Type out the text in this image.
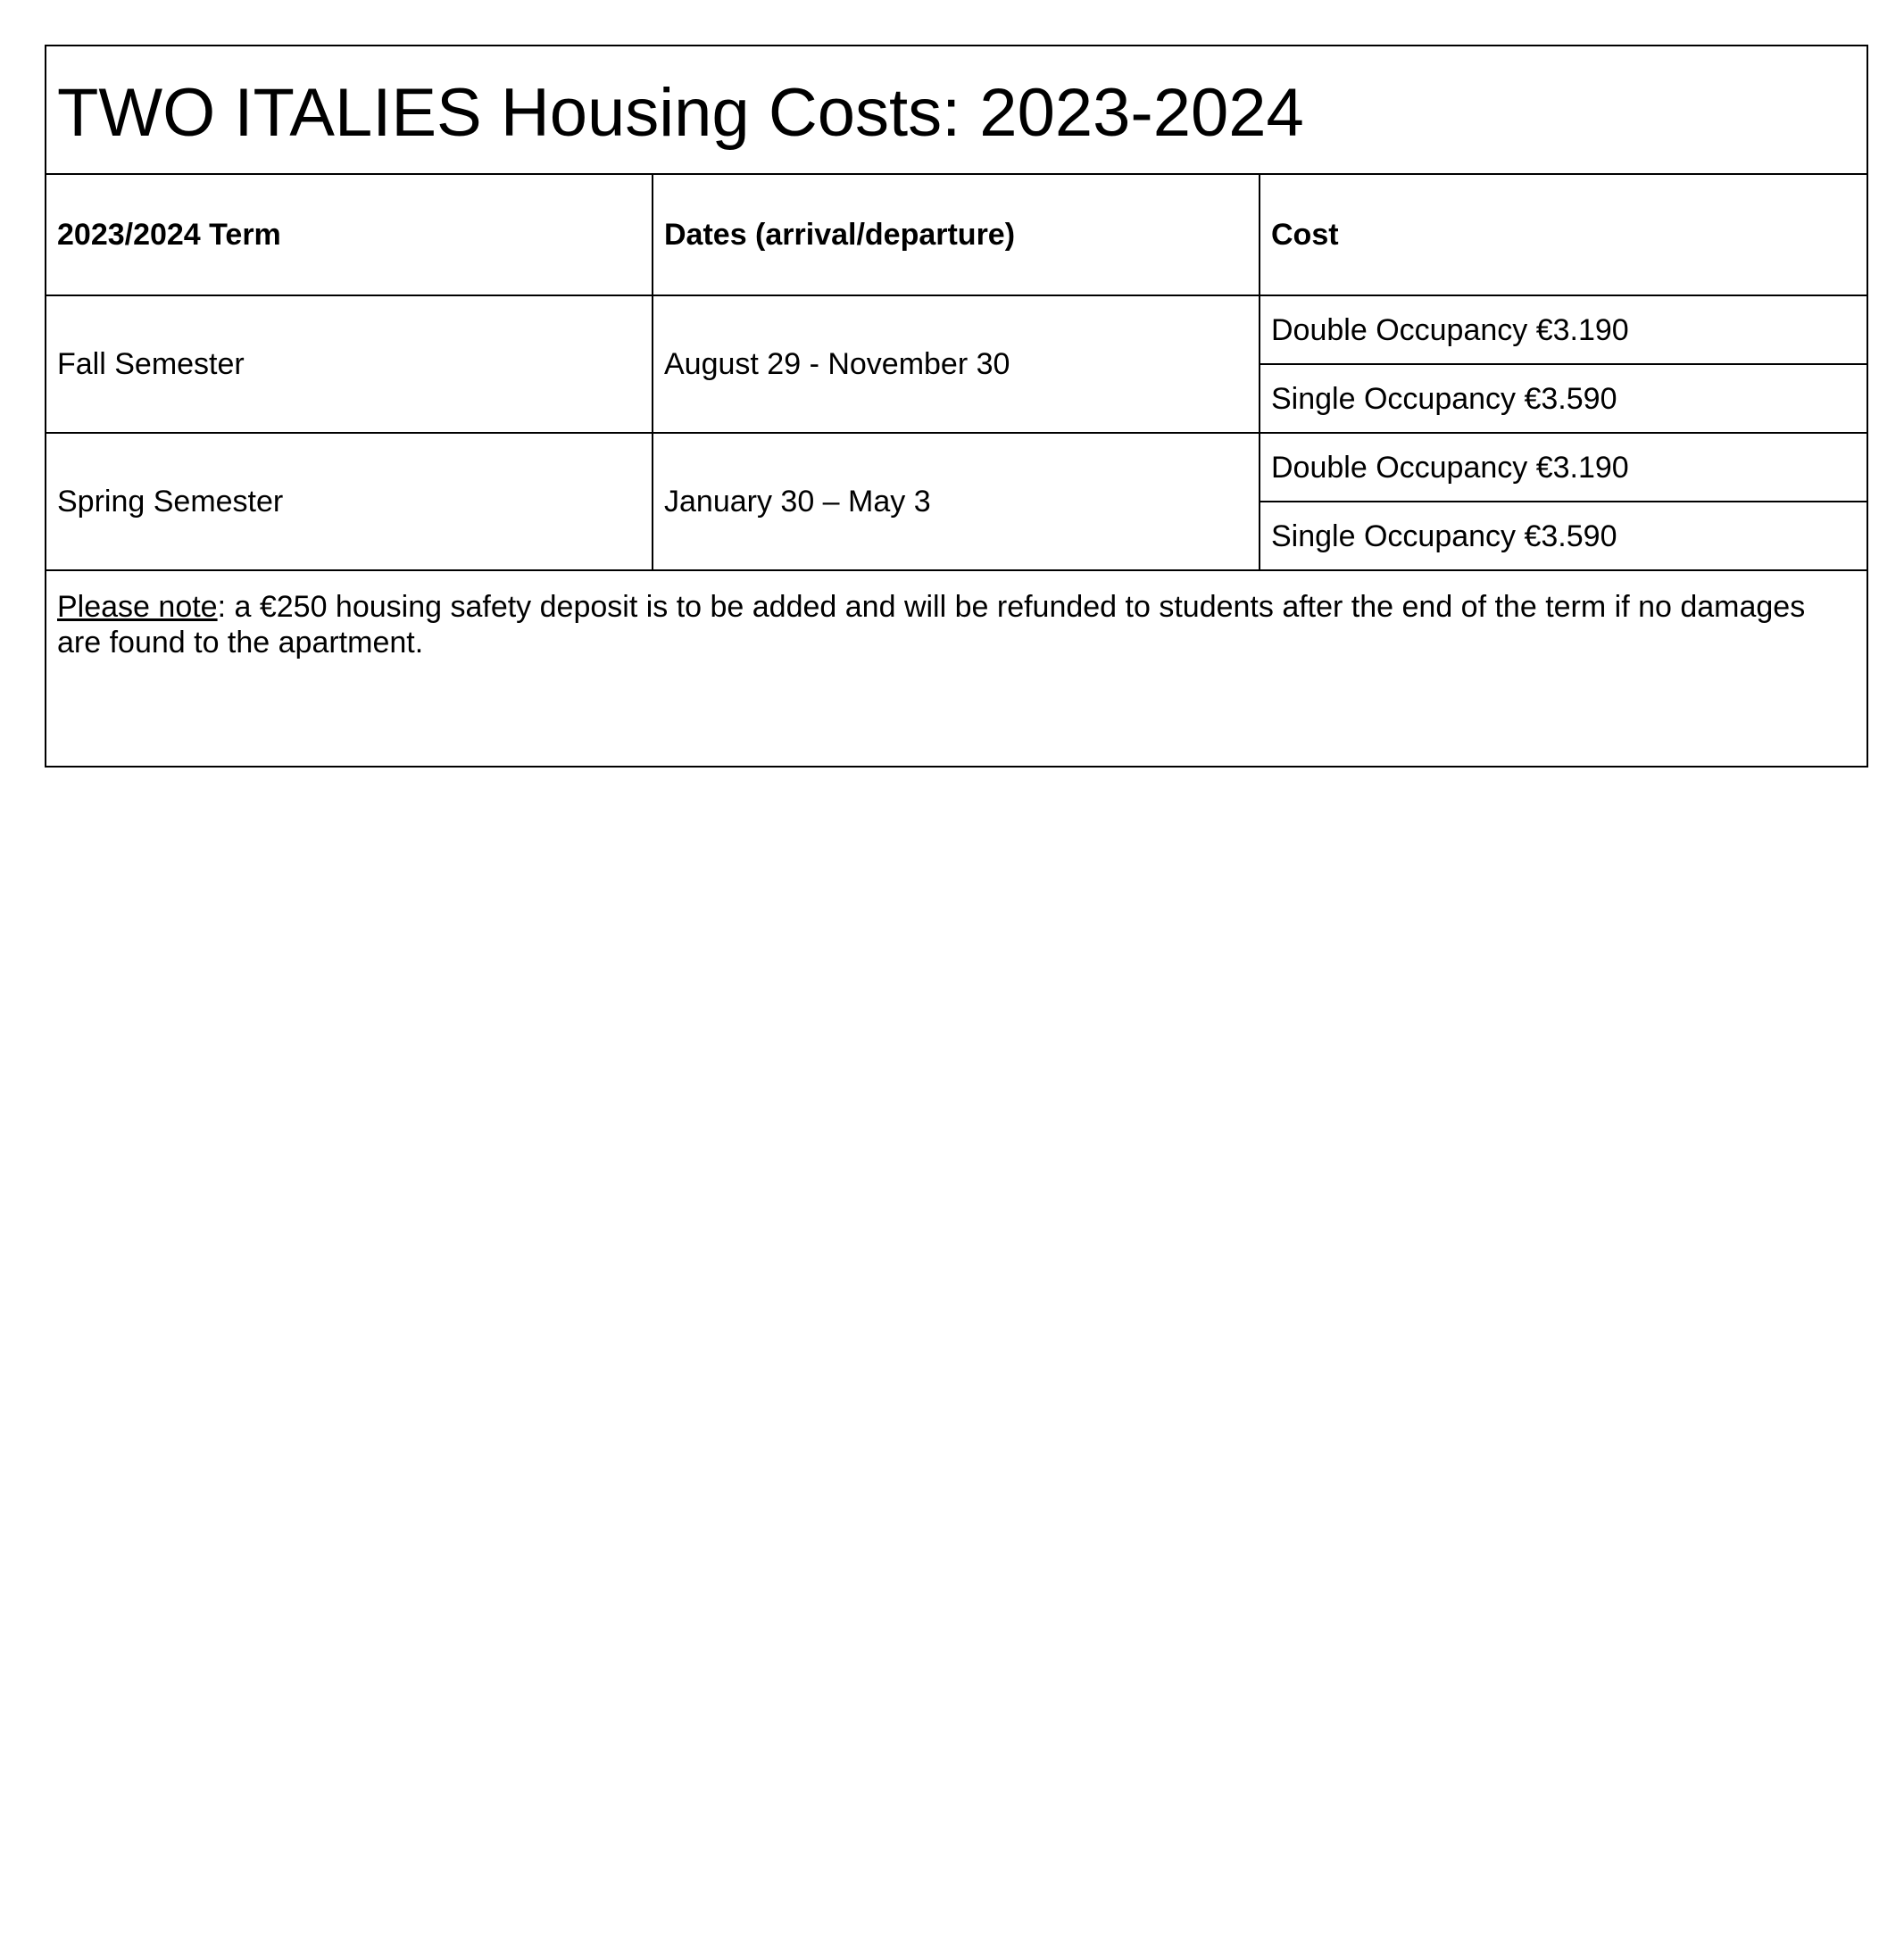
TWO ITALIES Housing Costs: 2023-2024		
2023/2024 Term	Dates (arrival/departure)	Cost
Fall Semester	August 29 - November 30	Double Occupancy €3.190
		Single Occupancy €3.590
Spring Semester	January 30 – May 3	Double Occupancy €3.190
		Single Occupancy €3.590
Please note: a €250 housing safety deposit is to be added and will be refunded to students after the end of the term if no damages are found to the apartment.		
